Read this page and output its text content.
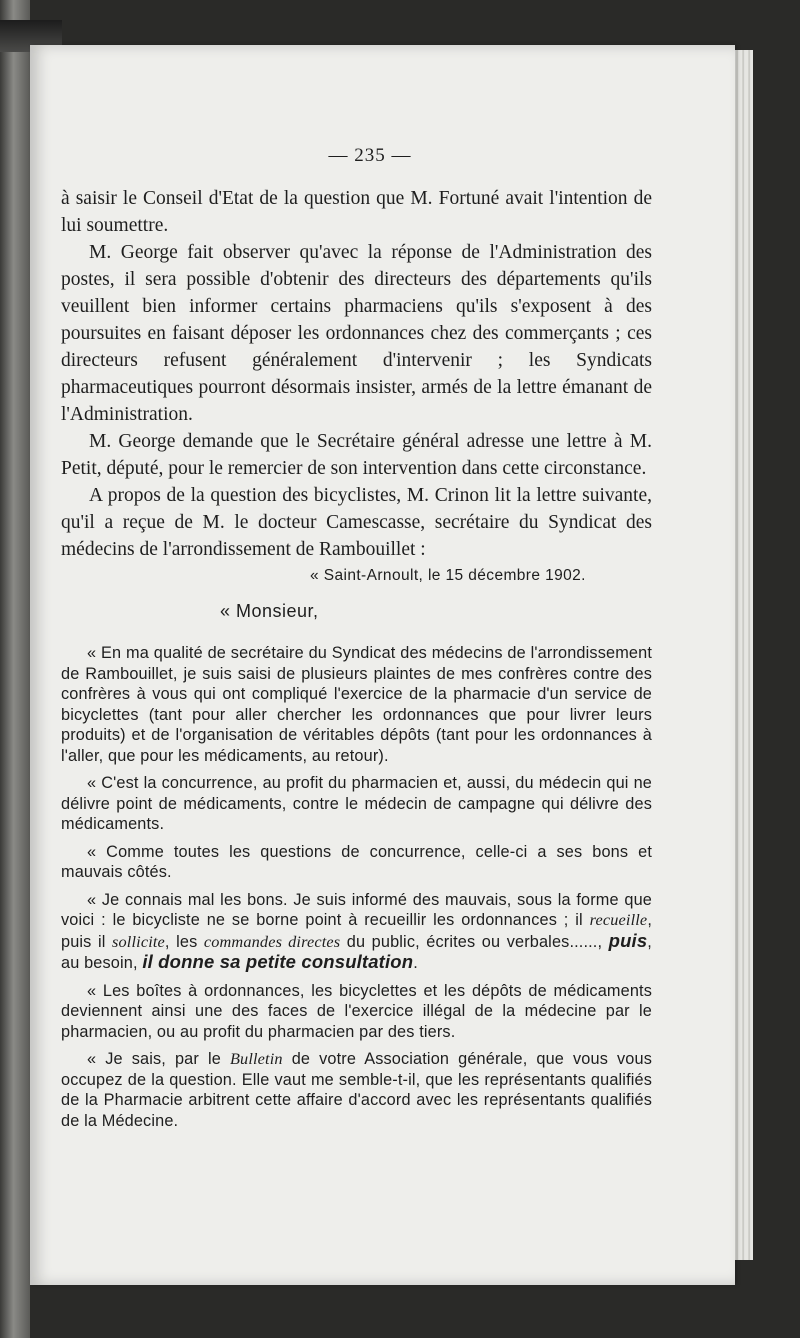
— 235 —

à saisir le Conseil d'Etat de la question que M. Fortuné avait l'intention de lui soumettre.

M. George fait observer qu'avec la réponse de l'Administration des postes, il sera possible d'obtenir des directeurs des départements qu'ils veuillent bien informer certains pharmaciens qu'ils s'exposent à des poursuites en faisant déposer les ordonnances chez des commerçants ; ces directeurs refusent généralement d'intervenir ; les Syndicats pharmaceutiques pourront désormais insister, armés de la lettre émanant de l'Administration.

M. George demande que le Secrétaire général adresse une lettre à M. Petit, député, pour le remercier de son intervention dans cette circonstance.

A propos de la question des bicyclistes, M. Crinon lit la lettre suivante, qu'il a reçue de M. le docteur Camescasse, secrétaire du Syndicat des médecins de l'arrondissement de Rambouillet :

« Saint-Arnoult, le 15 décembre 1902.
« Monsieur,

« En ma qualité de secrétaire du Syndicat des médecins de l'arrondissement de Rambouillet, je suis saisi de plusieurs plaintes de mes confrères contre des confrères à vous qui ont compliqué l'exercice de la pharmacie d'un service de bicyclettes (tant pour aller chercher les ordonnances que pour livrer leurs produits) et de l'organisation de véritables dépôts (tant pour les ordonnances à l'aller, que pour les médicaments, au retour).

« C'est la concurrence, au profit du pharmacien et, aussi, du médecin qui ne délivre point de médicaments, contre le médecin de campagne qui délivre des médicaments.

« Comme toutes les questions de concurrence, celle-ci a ses bons et mauvais côtés.

« Je connais mal les bons. Je suis informé des mauvais, sous la forme que voici : le bicycliste ne se borne point à recueillir les ordonnances ; il recueille, puis il sollicite, les commandes directes du public, écrites ou verbales......, puis, au besoin, il donne sa petite consultation.

« Les boîtes à ordonnances, les bicyclettes et les dépôts de médicaments deviennent ainsi une des faces de l'exercice illégal de la médecine par le pharmacien, ou au profit du pharmacien par des tiers.

« Je sais, par le Bulletin de votre Association générale, que vous vous occupez de la question. Elle vaut me semble-t-il, que les représentants qualifiés de la Pharmacie arbitrent cette affaire d'accord avec les représentants qualifiés de la Médecine.
